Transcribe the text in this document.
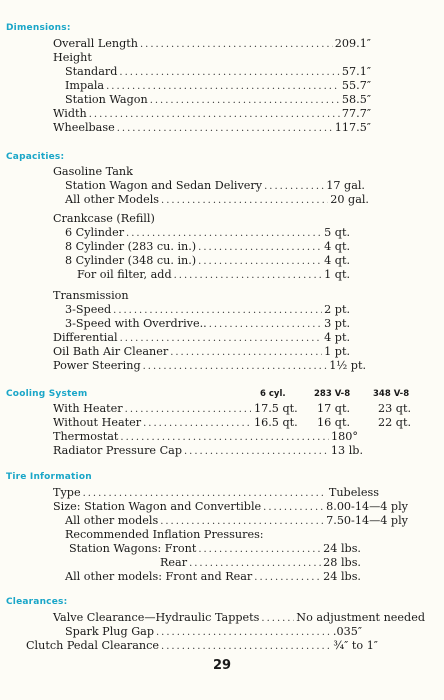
Dimensions:
Overall Length .....	209.1″
Height
Standard .....	57.1″
Impala .....	55.7″
Station Wagon .....	58.5″
Width .....	77.7″
Wheelbase .....	117.5″
Capacities:
Gasoline Tank
Station Wagon and Sedan Delivery .....	17 gal.
All other Models .....	20 gal.
Crankcase (Refill)
6 Cylinder .....	5 qt.
8 Cylinder (283 cu. in.) .....	4 qt.
8 Cylinder (348 cu. in.) .....	4 qt.
For oil filter, add .....	1 qt.
Transmission
3-Speed .....	2 pt.
3-Speed with Overdrive.. .....	3 pt.
Differential .....	4 pt.
Oil Bath Air Cleaner .....	1 pt.
Power Steering .....	1½ pt.
Cooling System	6 cyl.	283 V-8	348 V-8
With Heater .....	17.5 qt. 17 qt. 23 qt.
Without Heater .....	16.5 qt. 16 qt. 22 qt.
Thermostat .....	180°
Radiator Pressure Cap .....	13 lb.
Tire Information
Type .....	Tubeless
Size: Station Wagon and Convertible .....	8.00-14—4 ply
All other models .....	7.50-14—4 ply
Recommended Inflation Pressures:
Station Wagons: Front .....	24 lbs.
Rear .....	28 lbs.
All other models: Front and Rear .....	24 lbs.
Clearances:
Valve Clearance—Hydraulic Tappets .....	No adjustment needed
Spark Plug Gap .....	.035″
Clutch Pedal Clearance .....	¾″ to 1″
29
